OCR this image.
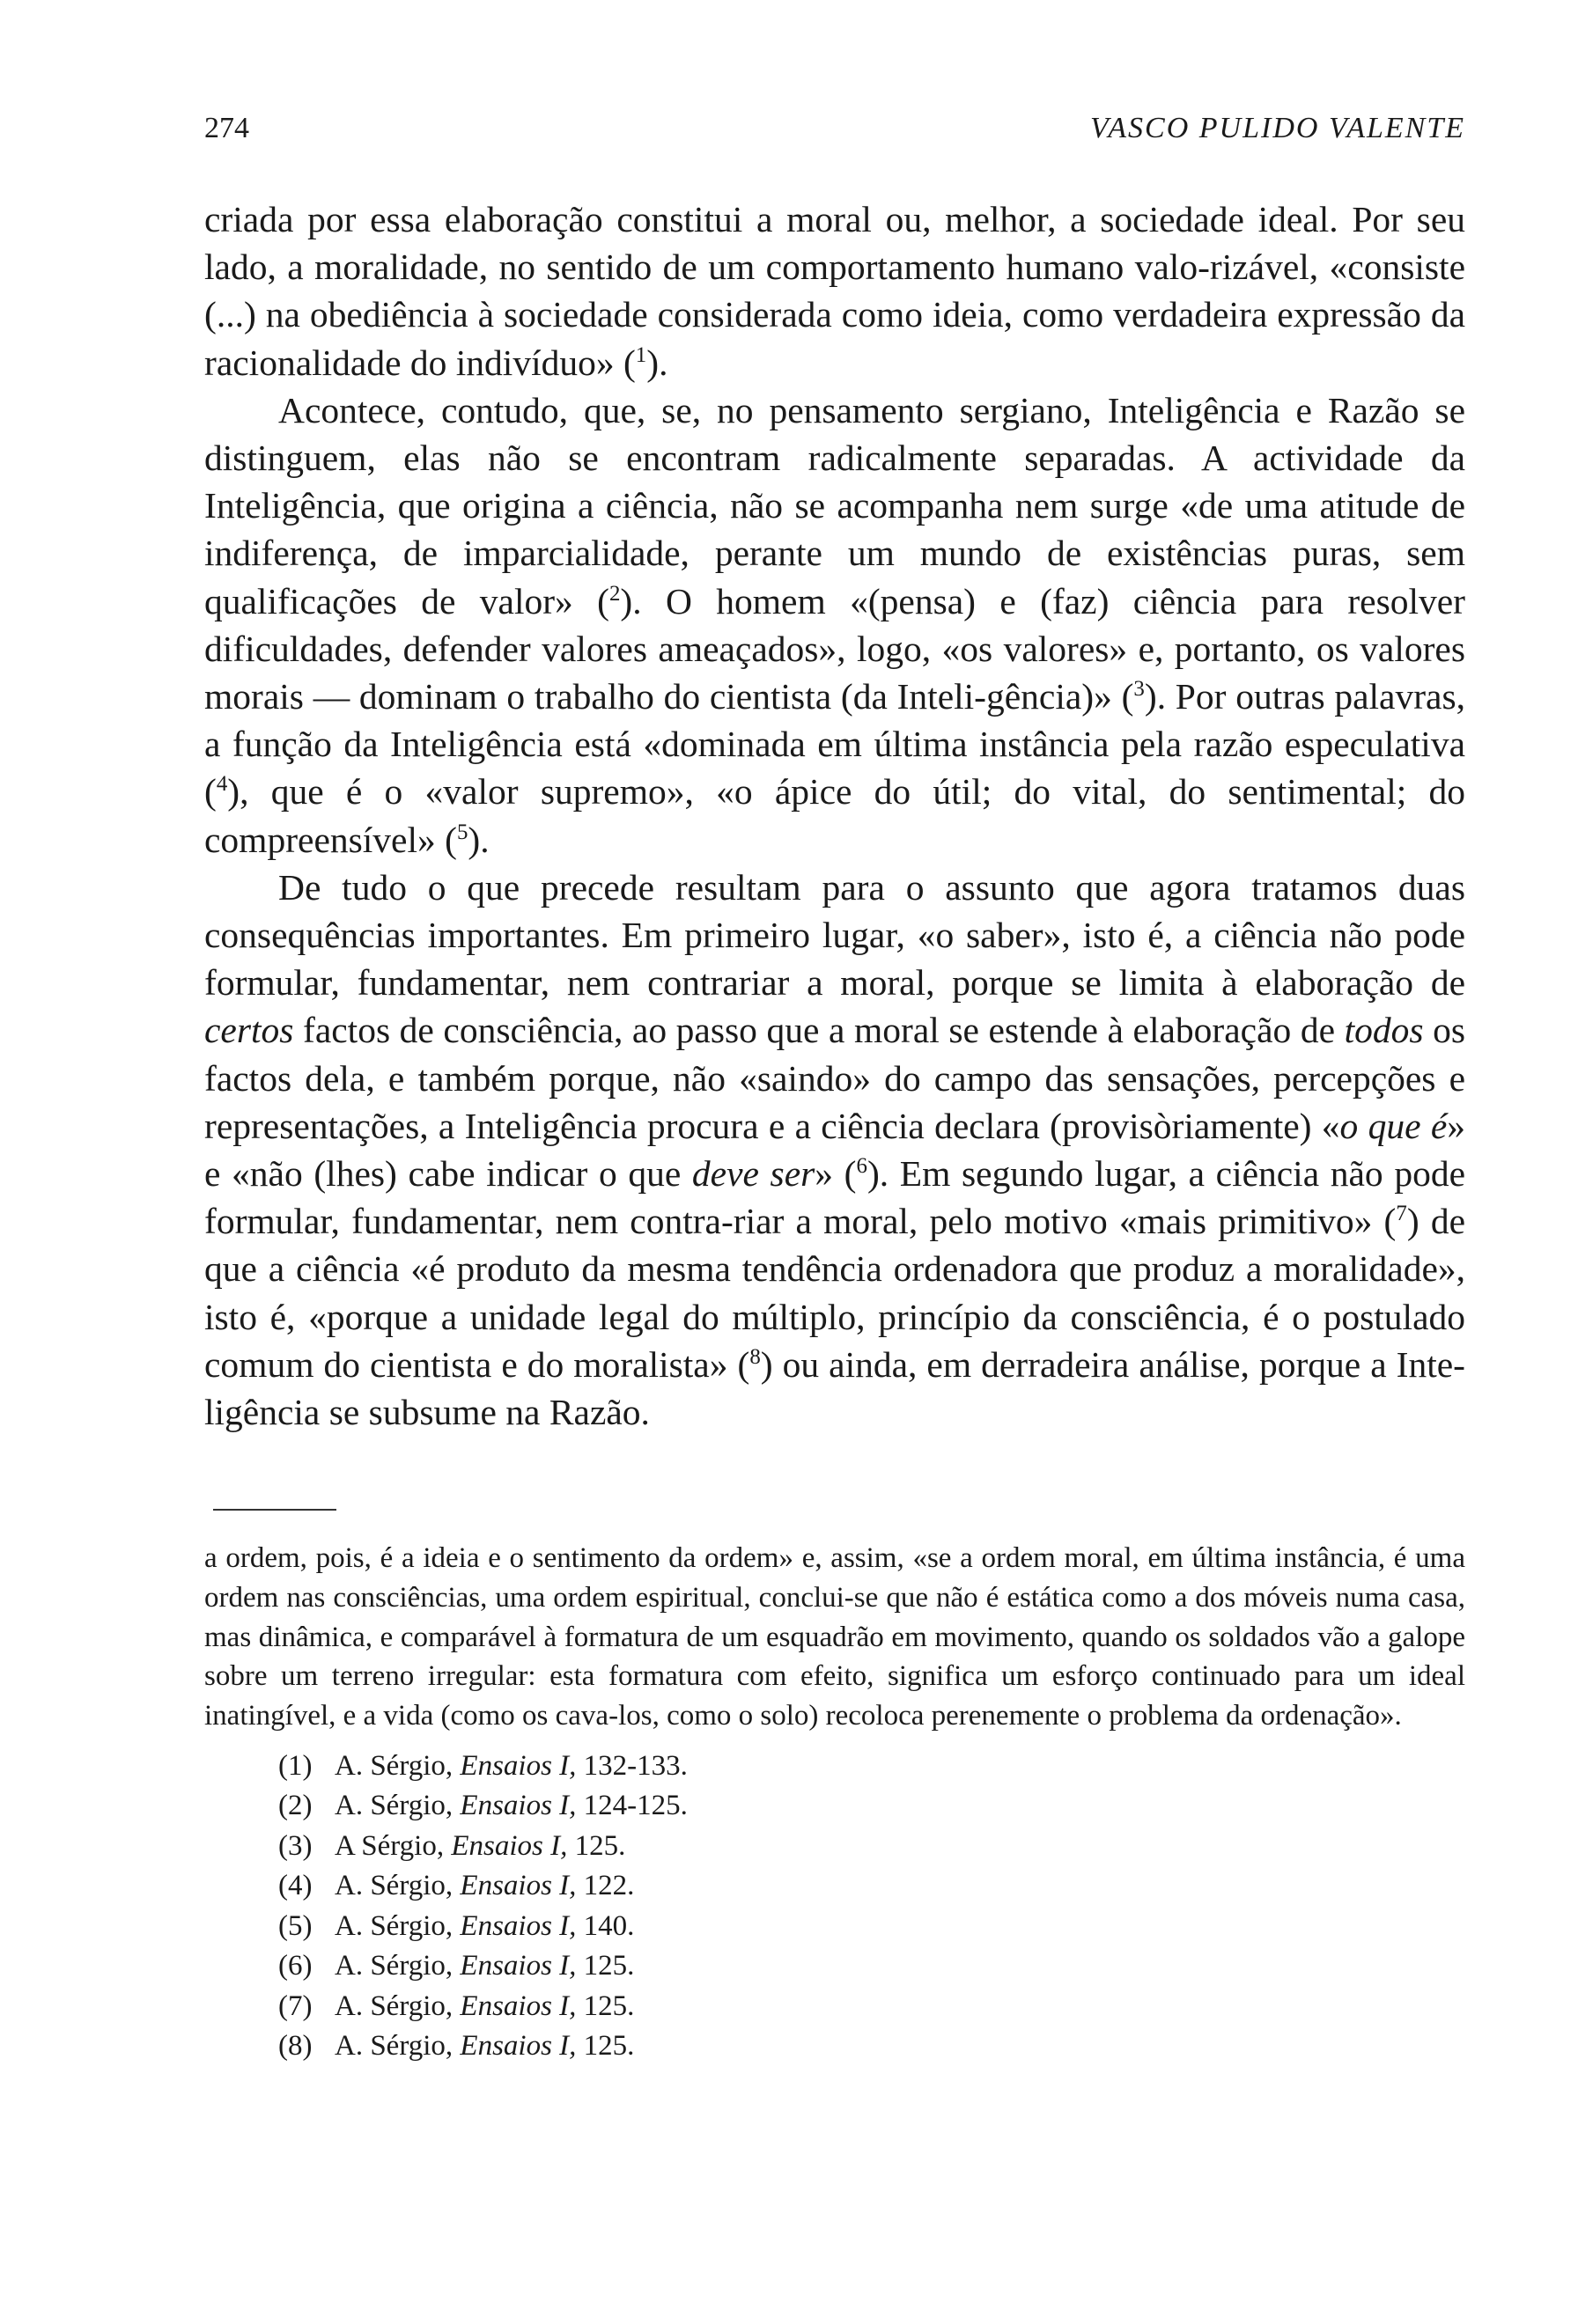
274	VASCO PULIDO VALENTE

criada por essa elaboração constitui a moral ou, melhor, a sociedade ideal. Por seu lado, a moralidade, no sentido de um comportamento humano valo-rizável, «consiste (...) na obediência à sociedade considerada como ideia, como verdadeira expressão da racionalidade do indivíduo» ($^1$).

Acontece, contudo, que, se, no pensamento sergiano, Inteligência e Razão se distinguem, elas não se encontram radicalmente separadas. A actividade da Inteligência, que origina a ciência, não se acompanha nem surge «de uma atitude de indiferença, de imparcialidade, perante um mundo de existências puras, sem qualificações de valor» ($^2$). O homem «(pensa) e (faz) ciência para resolver dificuldades, defender valores ameaçados», logo, «os valores» e, portanto, os valores morais — dominam o trabalho do cientista (da Inteli-gência)» ($^3$). Por outras palavras, a função da Inteligência está «dominada em última instância pela razão especulativa ($^4$), que é o «valor supremo», «o ápice do útil; do vital, do sentimental; do compreensível» ($^5$).

De tudo o que precede resultam para o assunto que agora tratamos duas consequências importantes. Em primeiro lugar, «o saber», isto é, a ciência não pode formular, fundamentar, nem contrariar a moral, porque se limita à elaboração de certos factos de consciência, ao passo que a moral se estende à elaboração de todos os factos dela, e também porque, não «saindo» do campo das sensações, percepções e representações, a Inteligência procura e a ciência declara (provisòriamente) «o que é» e «não (lhes) cabe indicar o que deve ser» ($^6$). Em segundo lugar, a ciência não pode formular, fundamentar, nem contra-riar a moral, pelo motivo «mais primitivo» ($^7$) de que a ciência «é produto da mesma tendência ordenadora que produz a moralidade», isto é, «porque a unidade legal do múltiplo, princípio da consciência, é o postulado comum do cientista e do moralista» ($^8$) ou ainda, em derradeira análise, porque a Inte-ligência se subsume na Razão.

a ordem, pois, é a ideia e o sentimento da ordem» e, assim, «se a ordem moral, em última instância, é uma ordem nas consciências, uma ordem espiritual, conclui-se que não é estática como a dos móveis numa casa, mas dinâmica, e comparável à formatura de um esquadrão em movimento, quando os soldados vão a galope sobre um terreno irregular: esta formatura com efeito, significa um esforço continuado para um ideal inatingível, e a vida (como os cava-los, como o solo) recoloca perenemente o problema da ordenação».

(1) A. Sérgio, Ensaios I, 132-133.
(2) A. Sérgio, Ensaios I, 124-125.
(3) A Sérgio, Ensaios I, 125.
(4) A. Sérgio, Ensaios I, 122.
(5) A. Sérgio, Ensaios I, 140.
(6) A. Sérgio, Ensaios I, 125.
(7) A. Sérgio, Ensaios I, 125.
(8) A. Sérgio, Ensaios I, 125.
